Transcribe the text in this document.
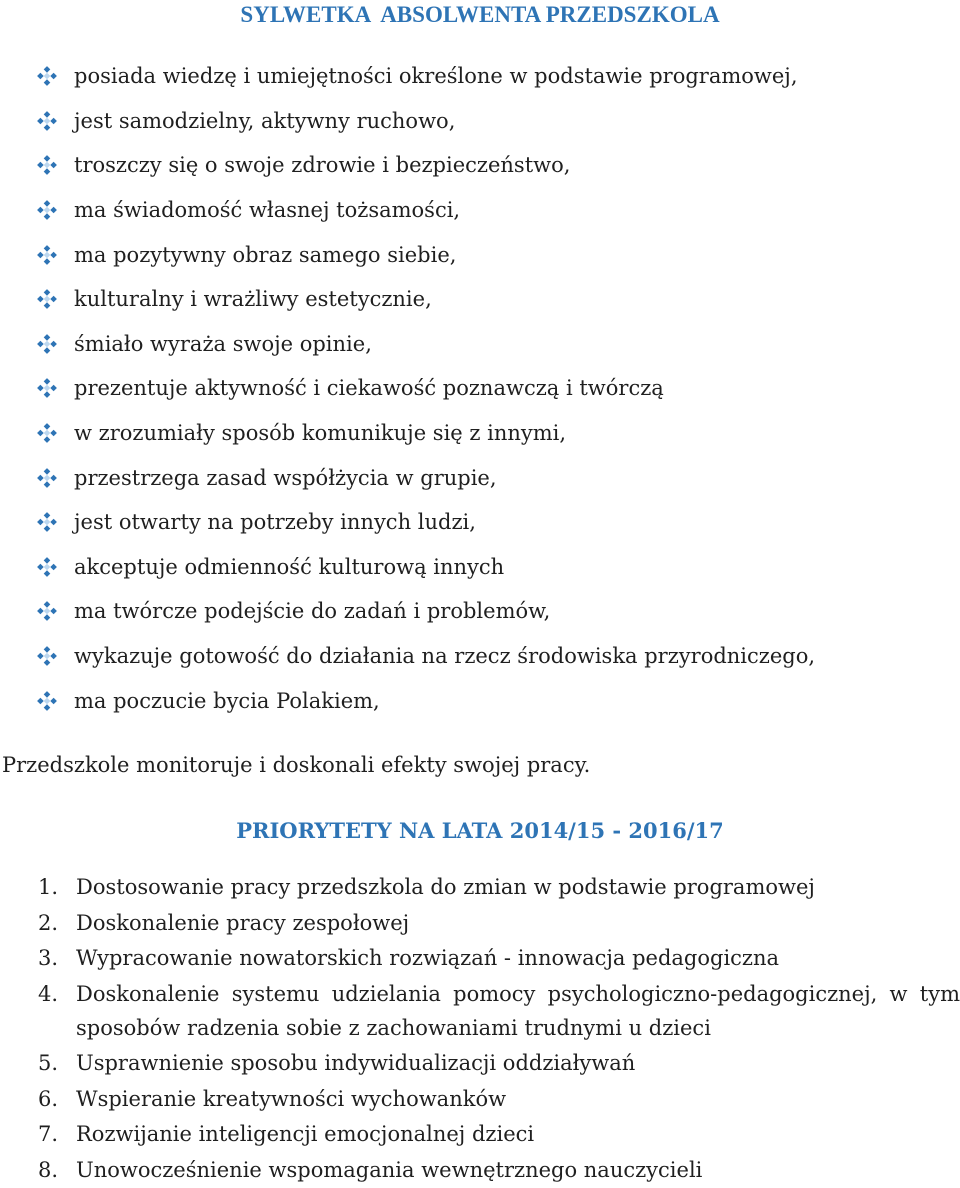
SYLWETKA  ABSOLWENTA PRZEDSZKOLA
posiada wiedzę i umiejętności określone w podstawie programowej,
jest samodzielny, aktywny ruchowo,
troszczy się o swoje zdrowie i bezpieczeństwo,
ma świadomość własnej tożsamości,
ma pozytywny obraz samego siebie,
kulturalny i wrażliwy estetycznie,
śmiało wyraża swoje opinie,
prezentuje aktywność i ciekawość poznawczą i twórczą
w zrozumiały sposób komunikuje się z innymi,
przestrzega zasad współżycia w grupie,
jest otwarty na potrzeby innych ludzi,
akceptuje odmienność kulturową innych
ma twórcze podejście do zadań i problemów,
wykazuje gotowość do działania na rzecz środowiska przyrodniczego,
ma poczucie bycia Polakiem,

Przedszkole monitoruje i doskonali efekty swojej pracy.

PRIORYTETY NA LATA 2014/15 - 2016/17
1. Dostosowanie pracy przedszkola do zmian w podstawie programowej
2. Doskonalenie pracy zespołowej
3. Wypracowanie nowatorskich rozwiązań - innowacja pedagogiczna
4. Doskonalenie systemu udzielania pomocy psychologiczno-pedagogicznej, w tym sposobów radzenia sobie z zachowaniami trudnymi u dzieci
5. Usprawnienie sposobu indywidualizacji oddziaływań
6. Wspieranie kreatywności wychowanków
7. Rozwijanie inteligencji emocjonalnej dzieci
8. Unowocześnienie wspomagania wewnętrznego nauczycieli
